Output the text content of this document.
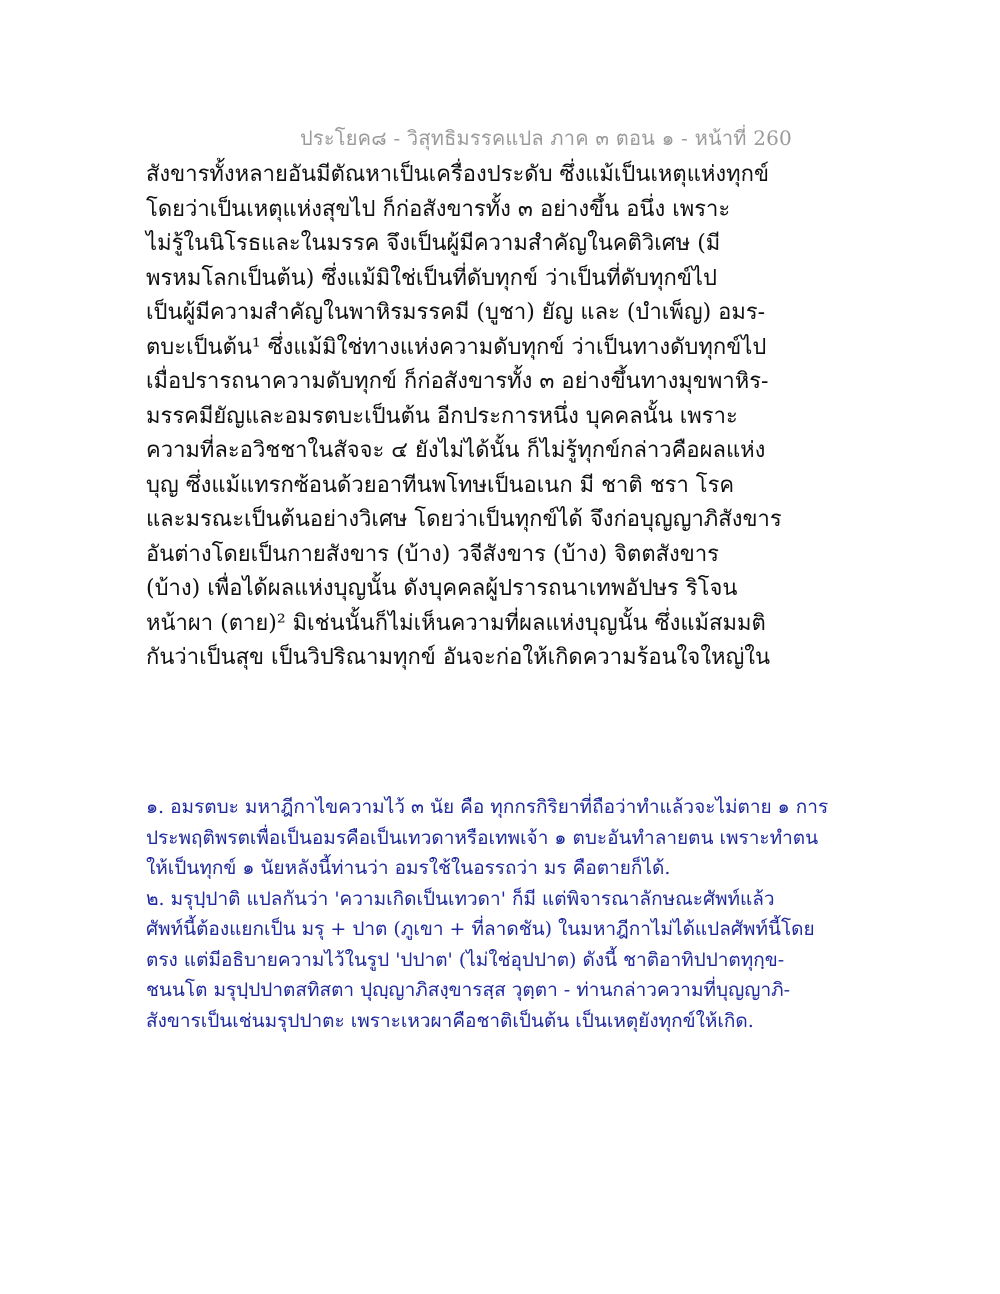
ประโยค๘ - วิสุทธิมรรคแปล ภาค ๓ ตอน ๑ - หน้าที่ 260
สังขารทั้งหลายอันมีตัณหาเป็นเครื่องประดับ ซึ่งแม้เป็นเหตุแห่งทุกข์
โดยว่าเป็นเหตุแห่งสุขไป ก็ก่อสังขารทั้ง ๓ อย่างขึ้น อนึ่ง เพราะ
ไม่รู้ในนิโรธและในมรรค จึงเป็นผู้มีความสำคัญในคติวิเศษ (มี
พรหมโลกเป็นต้น) ซึ่งแม้มิใช่เป็นที่ดับทุกข์ ว่าเป็นที่ดับทุกข์ไป
เป็นผู้มีความสำคัญในพาหิรมรรคมี (บูชา) ยัญ และ (บำเพ็ญ) อมร-
ตบะเป็นต้น¹ ซึ่งแม้มิใช่ทางแห่งความดับทุกข์ ว่าเป็นทางดับทุกข์ไป
เมื่อปรารถนาความดับทุกข์ ก็ก่อสังขารทั้ง ๓ อย่างขึ้นทางมุขพาหิร-
มรรคมียัญและอมรตบะเป็นต้น อีกประการหนึ่ง บุคคลนั้น เพราะ
ความที่ละอวิชชาในสัจจะ ๔ ยังไม่ได้นั้น ก็ไม่รู้ทุกข์กล่าวคือผลแห่ง
บุญ ซึ่งแม้แทรกซ้อนด้วยอาทีนพโทษเป็นอเนก มี ชาติ ชรา โรค
และมรณะเป็นต้นอย่างวิเศษ โดยว่าเป็นทุกข์ได้ จึงก่อบุญญาภิสังขาร
อันต่างโดยเป็นกายสังขาร (บ้าง) วจีสังขาร (บ้าง) จิตตสังขาร
(บ้าง) เพื่อได้ผลแห่งบุญนั้น ดังบุคคลผู้ปรารถนาเทพอัปษร ริโจน
หน้าผา (ตาย)² มิเช่นนั้นก็ไม่เห็นความที่ผลแห่งบุญนั้น ซึ่งแม้สมมติ
กันว่าเป็นสุข เป็นวิปริณามทุกข์ อันจะก่อให้เกิดความร้อนใจใหญ่ใน
๑. อมรตบะ มหาฎีกาไขความไว้ ๓ นัย คือ ทุกกรกิริยาที่ถือว่าทำแล้วจะไม่ตาย ๑ การ
ประพฤติพรตเพื่อเป็นอมรคือเป็นเทวดาหรือเทพเจ้า ๑ ตบะอันทำลายตน เพราะทำตน
ให้เป็นทุกข์ ๑ นัยหลังนี้ท่านว่า อมรใช้ในอรรถว่า มร คือตายก็ได้.
๒. มรุปฺปาติ แปลกันว่า 'ความเกิดเป็นเทวดา' ก็มี แต่พิจารณาลักษณะศัพท์แล้ว
ศัพท์นี้ต้องแยกเป็น มรุ + ปาต (ภูเขา + ที่ลาดชัน) ในมหาฎีกาไม่ได้แปลศัพท์นี้โดย
ตรง แต่มีอธิบายความไว้ในรูป 'ปปาต' (ไม่ใช่อุปปาต) ดังนี้ ชาติอาทิปปาตทุกฺข-
ชนนโต มรุปฺปปาตสทิสตา ปุญฺญาภิสงฺขารสฺส วุตฺตา - ท่านกล่าวความที่บุญญาภิ-
สังขารเป็นเช่นมรุปปาตะ เพราะเหวผาคือชาติเป็นต้น เป็นเหตุยังทุกข์ให้เกิด.
